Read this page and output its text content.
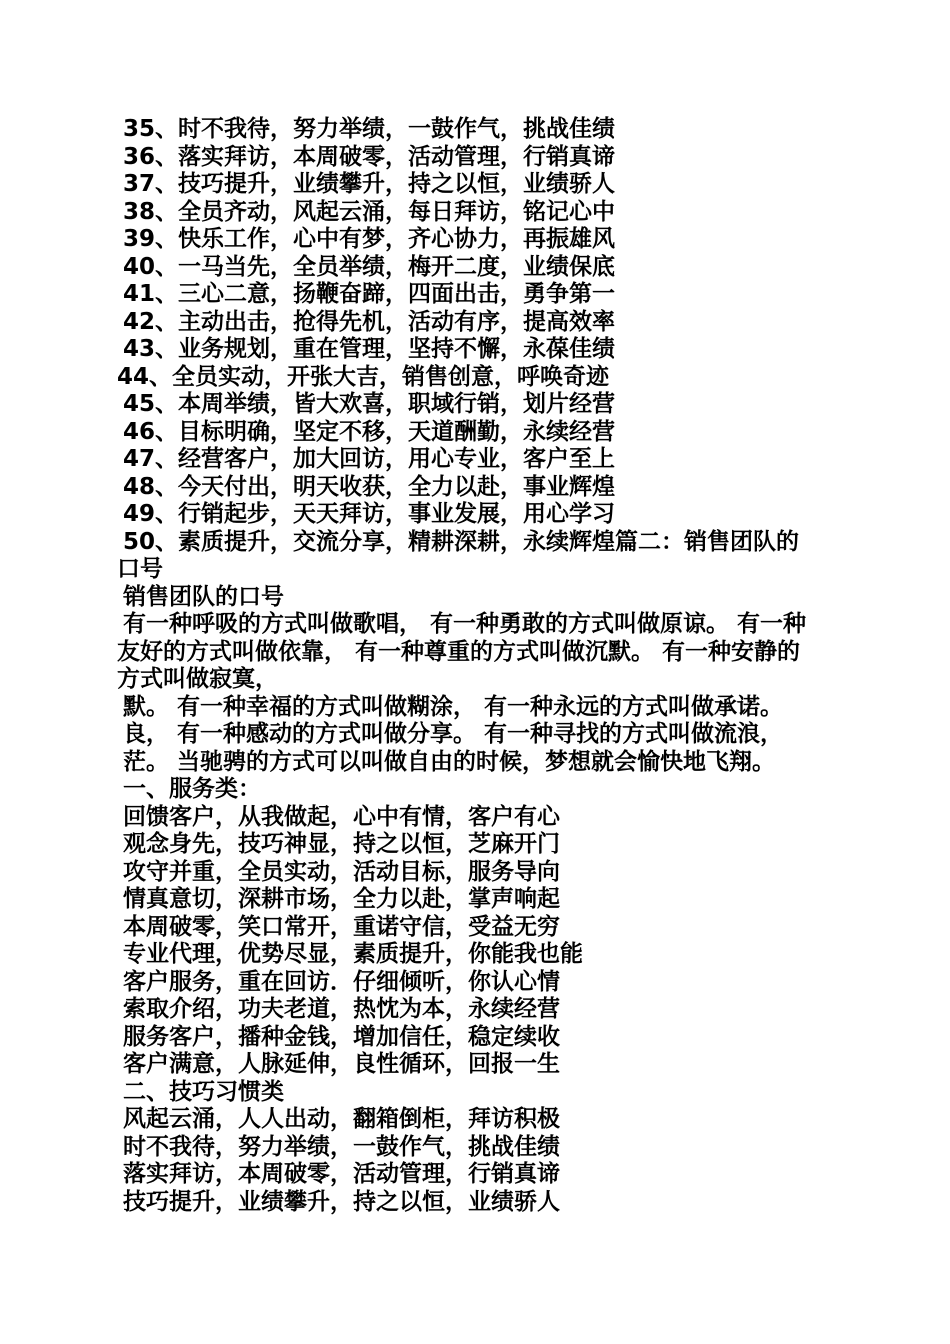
35、时不我待，努力举绩，一鼓作气，挑战佳绩

36、落实拜访，本周破零，活动管理，行销真谛

37、技巧提升，业绩攀升，持之以恒，业绩骄人

38、全员齐动，风起云涌，每日拜访，铭记心中

39、快乐工作，心中有梦，齐心协力，再振雄风

40、一马当先，全员举绩，梅开二度，业绩保底

41、三心二意，扬鞭奋蹄，四面出击，勇争第一

42、主动出击，抢得先机，活动有序，提高效率

43、业务规划，重在管理，坚持不懈，永葆佳绩

44、全员实动，开张大吉，销售创意，呼唤奇迹

45、本周举绩，皆大欢喜，职域行销，划片经营

46、目标明确，坚定不移，天道酬勤，永续经营

47、经营客户，加大回访，用心专业，客户至上

48、今天付出，明天收获，全力以赴，事业辉煌

49、行销起步，天天拜访，事业发展，用心学习

50、素质提升，交流分享，精耕深耕，永续辉煌篇二：销售团队的

口号

销售团队的口号

有一种呼吸的方式叫做歌唱， 有一种勇敢的方式叫做原谅。 有一种

友好的方式叫做依靠， 有一种尊重的方式叫做沉默。 有一种安静的

方式叫做寂寞，

默。 有一种幸福的方式叫做糊涂， 有一种永远的方式叫做承诺。

良， 有一种感动的方式叫做分享。 有一种寻找的方式叫做流浪，

茫。 当驰骋的方式可以叫做自由的时候，梦想就会愉快地飞翔。

一、服务类：

回馈客户，从我做起，心中有情，客户有心

观念身先，技巧神显，持之以恒，芝麻开门

攻守并重，全员实动，活动目标，服务导向

情真意切，深耕市场，全力以赴，掌声响起

本周破零，笑口常开，重诺守信，受益无穷

专业代理，优势尽显，素质提升，你能我也能

客户服务，重在回访．仔细倾听，你认心情

索取介绍，功夫老道，热忱为本，永续经营

服务客户，播种金钱，增加信任，稳定续收

客户满意，人脉延伸，良性循环，回报一生

二、技巧习惯类

风起云涌，人人出动，翻箱倒柜，拜访积极

时不我待，努力举绩，一鼓作气，挑战佳绩

落实拜访，本周破零，活动管理，行销真谛

技巧提升，业绩攀升，持之以恒，业绩骄人
